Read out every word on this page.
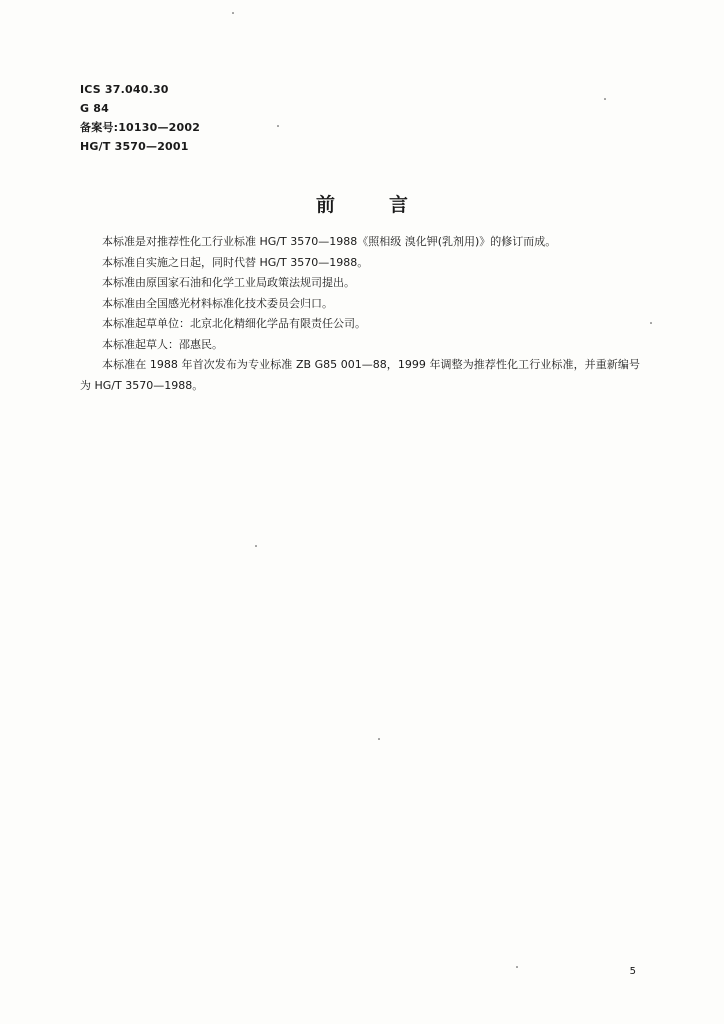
ICS 37.040.30
G 84
备案号:10130—2002
HG/T 3570—2001
前言

本标准是对推荐性化工行业标准 HG/T 3570—1988《照相级 溴化钾(乳剂用)》的修订而成。

本标准自实施之日起，同时代替 HG/T 3570—1988。

本标准由原国家石油和化学工业局政策法规司提出。

本标准由全国感光材料标准化技术委员会归口。

本标准起草单位：北京北化精细化学品有限责任公司。

本标准起草人：邵惠民。

本标准在 1988 年首次发布为专业标准 ZB G85 001—88，1999 年调整为推荐性化工行业标准，并重新编号为 HG/T 3570—1988。

5
